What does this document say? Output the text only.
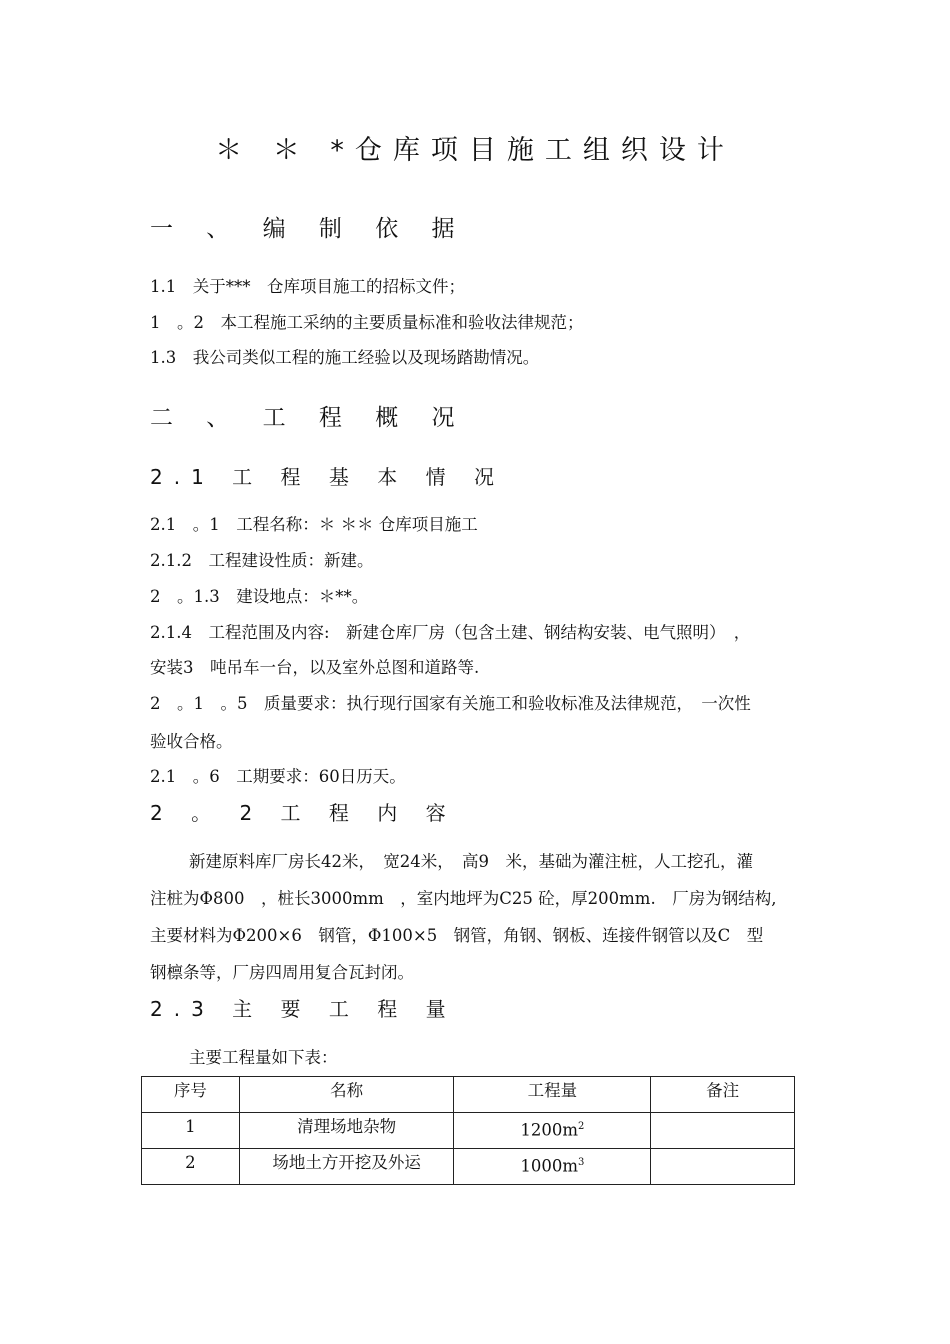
＊ ＊ *仓库项目施工组织设计
一 、 编 制 依 据
1.1　关于***　仓库项目施工的招标文件；
1　。2　本工程施工采纳的主要质量标准和验收法律规范；
1.3　我公司类似工程的施工经验以及现场踏勘情况。
二 、 工 程 概 况
2.1 工 程 基 本 情 况
2.1　。1　工程名称：＊ ＊＊ 仓库项目施工
2.1.2　工程建设性质：新建。
2　。1.3　建设地点：＊**。
2.1.4　工程范围及内容:　新建仓库厂房（包含土建、钢结构安装、电气照明）　，
安装3　吨吊车一台，以及室外总图和道路等.
2　。1　。5　质量要求：执行现行国家有关施工和验收标准及法律规范，　一次性
验收合格。
2.1　。6　工期要求：60日历天。
2 。 2 工 程 内 容
新建原料库厂房长42米，　宽24米，　高9　米，基础为灌注桩，人工挖孔，灌
注桩为Φ800　，桩长3000mm　，室内地坪为C25 砼，厚200mm.　厂房为钢结构,
主要材料为Φ200×6　钢管，Φ100×5　钢管，角钢、钢板、连接件钢管以及C　型
钢檩条等，厂房四周用复合瓦封闭。
2.3 主 要 工 程 量
主要工程量如下表：
序号	名称	工程量	备注
1	清理场地杂物	$1200m^2$	
2	场地土方开挖及外运	$1000m^3$	
